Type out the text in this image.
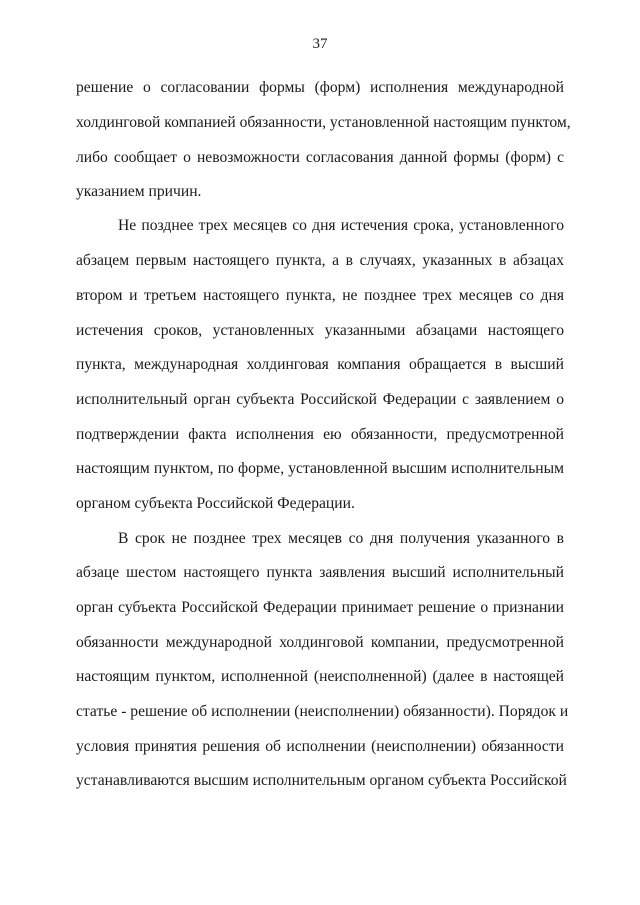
37
решение о согласовании формы (форм) исполнения международной
холдинговой компанией обязанности, установленной настоящим пунктом,
либо сообщает о невозможности согласования данной формы (форм) с
указанием причин.
Не позднее трех месяцев со дня истечения срока, установленного
абзацем первым настоящего пункта, а в случаях, указанных в абзацах
втором и третьем настоящего пункта, не позднее трех месяцев со дня
истечения сроков, установленных указанными абзацами настоящего
пункта, международная холдинговая компания обращается в высший
исполнительный орган субъекта Российской Федерации с заявлением о
подтверждении факта исполнения ею обязанности, предусмотренной
настоящим пунктом, по форме, установленной высшим исполнительным
органом субъекта Российской Федерации.
В срок не позднее трех месяцев со дня получения указанного в
абзаце шестом настоящего пункта заявления высший исполнительный
орган субъекта Российской Федерации принимает решение о признании
обязанности международной холдинговой компании, предусмотренной
настоящим пунктом, исполненной (неисполненной) (далее в настоящей
статье - решение об исполнении (неисполнении) обязанности). Порядок и
условия принятия решения об исполнении (неисполнении) обязанности
устанавливаются высшим исполнительным органом субъекта Российской
